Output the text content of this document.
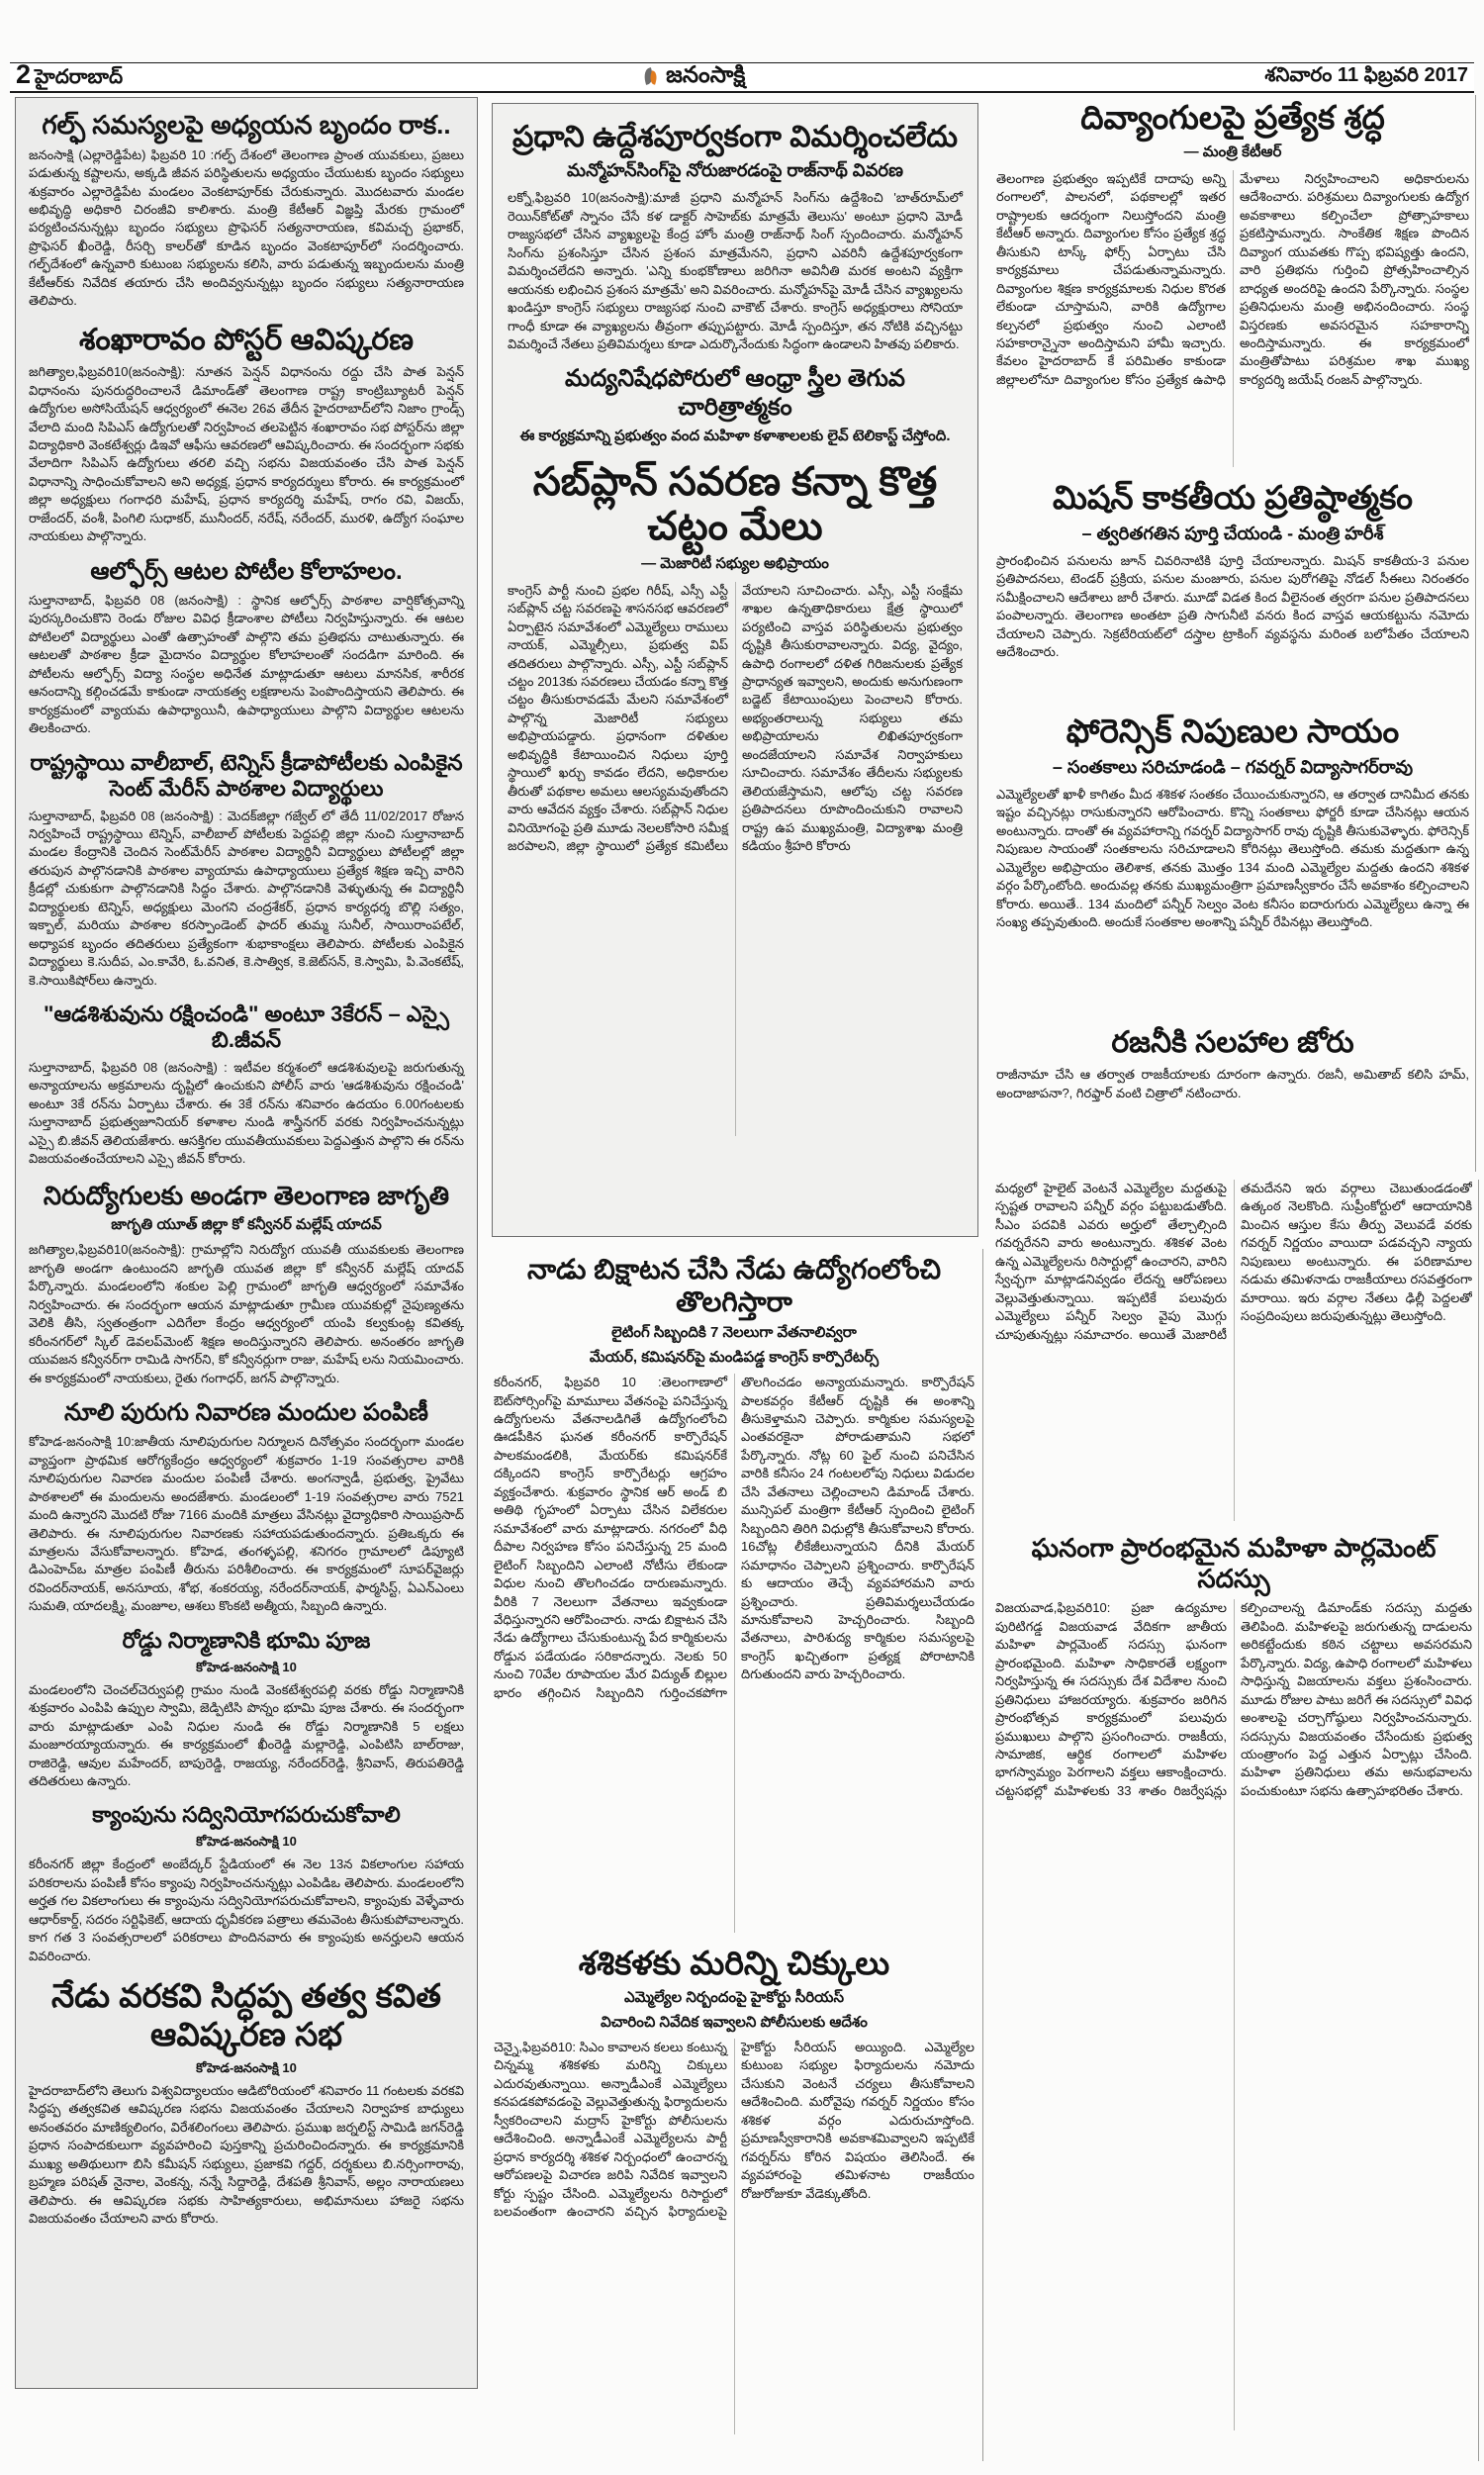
2 హైదరాబాద్	జనంసాక్షి	శనివారం 11 ఫిబ్రవరి 2017
గల్ఫ్ సమస్యలపై అధ్యయన బృందం రాక..
జనంసాక్షి (ఎల్లారెడ్డిపేట) ఫిబ్రవరి 10 :గల్ఫ్ దేశంలో తెలంగాణ ప్రాంత యువకులు, ప్రజలు పడుతున్న కష్టాలను, అక్కడి జీవన పరిస్థితులను అధ్యయం చేయుటకు బృందం సభ్యులు శుక్రవారం ఎల్లారెడ్డిపేట మండలం వెంకటాపూర్‌కు చేరుకున్నారు. మొదటవారు మండల అభివృద్ధి అధికారి చిరంజీవి కాలిశారు. మంత్రి కేటీఆర్ విజ్ఞప్తి మేరకు గ్రామంలో పర్యటించనున్నట్లు బృందం సభ్యులు ప్రొఫెసర్ సత్యనారాయణ, కవిమచ్చ ప్రభాకర్, ప్రొఫెసర్ ఖీంరెడ్డి, రీసర్చి కాలర్‌తో కూడిన బృందం వెంకటాపూర్‌లో సందర్శించారు. గల్ఫ్‌దేశంలో ఉన్నవారి కుటుంబ సభ్యులను కలిసి, వారు పడుతున్న ఇబ్బందులను మంత్రి కేటీఆర్‌కు నివేదిక తయారు చేసి అందివ్వనున్నట్లు బృందం సభ్యులు సత్యనారాయణ తెలిపారు.
శంఖారావం పోస్టర్ ఆవిష్కరణ
జగిత్యాల,ఫిబ్రవరి10(జనంసాక్షి): నూతన పెన్షన్ విధానంను రద్దు చేసి పాత పెన్షన్ విధానంను పునరుద్ధరించాలనే డిమాండ్‌తో తెలంగాణ రాష్ట్ర కాంట్రిబ్యూటరీ పెన్షన్ ఉద్యోగుల అసోసియేషన్ ఆధ్వర్యంలో ఈనెల 26వ తేదీన హైదరాబాద్‌లోని నిజాం గ్రాండ్స్ వేలాది మంది సిపిఎస్ ఉద్యోగులతో నిర్వహించ తలపెట్టిన శంఖారావం సభ పోస్టర్‌ను జిల్లా విద్యాధికారి వెంకటేశ్వర్లు డిఇవో ఆఫీసు ఆవరణలో ఆవిష్కరించారు. ఈ సందర్భంగా సభకు వేలాదిగా సిపిఎస్ ఉద్యోగులు తరలి వచ్చి సభను విజయవంతం చేసి పాత పెన్షన్ విధానాన్ని సాధించుకోవాలని అని అధ్యక్ష, ప్రధాన కార్యదర్శులు కోరారు. ఈ కార్యక్రమంలో జిల్లా అధ్యక్షులు గంగాధరి మహేష్, ప్రధాన కార్యదర్శి మహేష్, రాగం రవి, విజయ్, రాజేందర్, వంశీ, పింగిలి సుధాకర్, మునీందర్, నరేష్, నరేందర్, మురళి, ఉద్యోగ సంఘాల నాయకులు పాల్గొన్నారు.
ఆల్ఫోర్స్ ఆటల పోటీల కోలాహలం.
సుల్తానాబాద్, ఫిబ్రవరి 08 (జనంసాక్షి) : స్థానిక ఆల్ఫోర్స్ పాఠశాల వార్షికోత్సవాన్ని పురస్కరించుకొని రెండు రోజుల వివిధ క్రీడాంశాల పోటీలు నిర్వహిస్తున్నారు. ఈ ఆటల పోటిలలో విద్యార్థులు ఎంతో ఉత్సాహంతో పాల్గొని తమ ప్రతిభను చాటుతున్నారు. ఈ ఆటలతో పాఠశాల క్రీడా మైదానం విద్యార్థుల కోలాహలంతో సందడిగా మారింది. ఈ పోటీలను ఆల్ఫోర్స్ విద్యా సంస్థల అధినేత మాట్లాడుతూ ఆటలు మానసిక, శారీరక ఆనందాన్ని కల్గించడమే కాకుండా నాయకత్వ లక్షణాలను పెంపొందిస్తాయని తెలిపారు. ఈ కార్యక్రమంలో వ్యాయమ ఉపాధ్యాయినీ, ఉపాధ్యాయులు పాల్గొని విద్యార్థుల ఆటలను తిలకించారు.
రాష్ట్రస్థాయి వాలీబాల్, టెన్నిస్ క్రీడాపోటీలకు ఎంపికైన సెంట్ మేరీస్ పాఠశాల విద్యార్థులు
సుల్తానాబాద్, ఫిబ్రవరి 08 (జనంసాక్షి) : మెదక్‌జిల్లా గజ్వేల్ లో తేదీ 11/02/2017 రోజున నిర్వహించే రాష్ట్రస్థాయి టెన్నిస్, వాలీబాల్ పోటీలకు పెద్దపల్లి జిల్లా నుంచి సుల్తానాబాద్ మండల కేంద్రానికి చెందిన సెంట్‌మేరీస్ పాఠశాల విద్యార్థినీ విద్యార్థులు పోటీలల్లో జిల్లా తరుపున పాల్గొనడానికి పాఠశాల వ్యాయామ ఉపాధ్యాయులు ప్రత్యేక శిక్షణ ఇచ్చి వారిని క్రీడల్లో చుకుకుగా పాల్గొనడానికి సిద్ధం చేశారు. పాల్గొనడానికి వెళ్ళుతున్న ఈ విద్యార్థినీ విద్యార్థులకు టెన్నిస్, అధ్యక్షులు మెంగని చంద్రశేకర్, ప్రధాన కార్యధర్శ బొల్లి సత్యం, ఇక్బాల్, మరియు పాఠశాల కరస్పాండెంట్ ఫాదర్ తుమ్మ సునీల్, సాయిరాంపటేల్, అధ్యాపక బృందం తదితరులు ప్రత్యేకంగా శుభాకాంక్షలు తెలిపారు. పోటీలకు ఎంపికైన విద్యార్థులు కె.సుదీప, ఎం.కావేరి, ఓ.వనిత, కె.సాత్విక, కె.జెట్‌సన్, కె.స్వామి, పి.వెంకటేష్, కె.సాయికిషోర్‌లు ఉన్నారు.
"ఆడశిశువును రక్షించండి" అంటూ 3కేరన్ – ఎస్సై బి.జీవన్
సుల్తానాబాద్, ఫిబ్రవరి 08 (జనంసాక్షి) : ఇటీవల కర్మశంలో ఆడశిశువులపై జరుగుతున్న అన్యాయాలను అక్రమాలను దృష్టిలో ఉంచుకుని పోలీస్ వారు 'ఆడశిశువును రక్షించండి' అంటూ 3కే రన్‌ను ఏర్పాటు చేశారు. ఈ 3కే రన్‌ను శనివారం ఉదయం 6.00గంటలకు సుల్తానాబాద్ ప్రభుత్వజూనియర్ కళాశాల నుండి శాస్త్రీనగర్ వరకు నిర్వహించనున్నట్లు ఎస్సై బి.జీవన్ తెలియజేశారు. ఆసక్తిగల యువతీయువకులు పెద్దఎత్తున పాల్గొని ఈ రన్‌ను విజయవంతంచేయాలని ఎస్సై జీవన్ కోరారు.
నిరుద్యోగులకు అండగా తెలంగాణ జాగృతి
జాగృతి యూత్ జిల్లా కో కన్వీనర్ మల్లేష్ యాదవ్
జగిత్యాల,ఫిబ్రవరి10(జనంసాక్షి): గ్రామాల్లోని నిరుద్యోగ యువతీ యువకులకు తెలంగాణ జాగృతి అండగా ఉంటుందని జాగృతి యువత జిల్లా కో కన్వీనర్ మల్లేష్ యాదవ్ పేర్కొన్నారు. మండలంలోని శంకుల పెల్లి గ్రామంలో జాగృతి ఆధ్వర్యంలో సమావేశం నిర్వహించారు. ఈ సందర్భంగా ఆయన మాట్లాడుతూ గ్రామీణ యువకుల్లో నైపుణ్యతను వెలికి తీసి, స్వతంత్రంగా ఎదిగేలా కేంద్రం ఆధ్వర్యంలో యంపి కల్వకుంట్ల కవితక్క కరీంనగర్‌లో స్కిల్ డెవలప్‌మెంట్ శిక్షణ అందిస్తున్నారని తెలిపారు. అనంతరం జాగృతి యువజన కన్వీనర్‌గా రామిడి సాగర్‌ని, కో కన్వీనర్లుగా రాజు, మహేష్ లను నియమించారు. ఈ కార్యక్రమంలో నాయకులు, రైతు గంగాధర్, జగన్ పాల్గొన్నారు.
నూలి పురుగు నివారణ మందుల పంపిణీ
కోహెడ-జనంసాక్షి 10:జాతీయ నూలిపురుగుల నిర్మూలన దినోత్సవం సందర్భంగా మండల వ్యాప్తంగా ప్రాథమిక ఆరోగ్యకేంద్రం ఆధ్వర్యంలో శుక్రవారం 1-19 సంవత్సరాల వారికి నూలిపురుగుల నివారణ మందుల పంపిణీ చేశారు. అంగన్వాడీ, ప్రభుత్వ, ప్రైవేటు పాఠశాలలో ఈ మందులను అందజేశారు. మండలంలో 1-19 సంవత్సరాల వారు 7521 మంది ఉన్నారని మొదటి రోజు 7166 మందికి మాత్రలు వేసినట్లు వైద్యాధికారి సాయిప్రసాద్ తెలిపారు. ఈ నూలిపురుగుల నివారణకు సహాయపడుతుందన్నారు. ప్రతిఒక్కరు ఈ మాత్రలను వేసుకోవాలన్నారు. కోహెడ, తంగళ్ళపల్లి, శనిగరం గ్రామాలలో డిప్యూటి డిఎంహెచ్ఒ మాత్రల పంపిణీ తీరును పరిశీలించారు. ఈ కార్యక్రమంలో సూపర్‌వైజర్లు రవిందర్‌నాయక్, అనసూయ, శోభ, శంకరయ్య, నరేందర్‌నాయక్, ఫార్మసిస్ట్, ఏఎన్ఎంలు సుమతి, యాదలక్ష్మి, మంజూల, ఆశలు కొంకటి అత్మీయ, సిబ్బంది ఉన్నారు.
రోడ్డు నిర్మాణానికి భూమి పూజ
కోహెడ-జనంసాక్షి 10
మండలంలోని చెంచల్‌చెర్వుపల్లి గ్రామం నుండి వెంకటేశ్వరపల్లి వరకు రోడ్డు నిర్మాణానికి శుక్రవారం ఎంపిపి ఉప్పుల స్వామి, జెడ్పిటిసి పొన్నం భూమి పూజ చేశారు. ఈ సందర్భంగా వారు మాట్లాడుతూ ఎంపి నిధుల నుండి ఈ రోడ్డు నిర్మాణానికి 5 లక్షలు మంజూరయ్యాయన్నారు. ఈ కార్యక్రమంలో ఖీంరెడ్డి మల్లారెడ్డి, ఎంపిటిసి బాల్‌రాజు, రాజిరెడ్డి, ఆవుల మహేందర్, బాపురెడ్డి, రాజయ్య, నరేందర్‌రెడ్డి, శ్రీనివాస్, తిరుపతిరెడ్డి తదితరులు ఉన్నారు.
క్యాంపును సద్వినియోగపరుచుకోవాలి
కోహెడ-జనంసాక్షి 10
కరీంనగర్ జిల్లా కేంద్రంలో అంబేద్కర్ స్టేడియంలో ఈ నెల 13న వికలాంగుల సహాయ పరికరాలను పంపిణీ కోసం క్యాంపు నిర్వహించనున్నట్లు ఎంపిడిఒ తెలిపారు. మండలంలోని అర్హత గల వికలాంగులు ఈ క్యాంపును సద్వినియోగపరుచుకోవాలని, క్యాంపుకు వెళ్ళేవారు ఆధార్‌కార్డ్, సదరం సర్టిఫికెట్, ఆదాయ ధృవీకరణ పత్రాలు తమవెంట తీసుకుపోవాలన్నారు. కాగ గత 3 సంవత్సరాలలో పరికరాలు పొందినవారు ఈ క్యాంపుకు అనర్హులని ఆయన వివరించారు.
నేడు వరకవి సిద్ధప్ప తత్వ కవిత ఆవిష్కరణ సభ
కోహెడ-జనంసాక్షి 10
హైదరాబాద్‌లోని తెలుగు విశ్వవిద్యాలయం ఆడిటోరియంలో శనివారం 11 గంటలకు వరకవి సిద్ధప్ప తత్వకవిత ఆవిష్కరణ సభను విజయవంతం చేయాలని నిర్వాహక బాధ్యులు అనంతవరం మాణిక్యలింగం, విరేశలింగంలు తెలిపారు. ప్రముఖ జర్నలిస్ట్ సామిడి జగన్‌రెడ్డి ప్రధాన సంపాదకులుగా వ్యవహరించి పుస్తకాన్ని ప్రచురించిందన్నారు. ఈ కార్యక్రమానికి ముఖ్య అతిథులుగా బిసి కమీషన్ సభ్యులు, ప్రజాకవి గద్దర్, దర్శకులు బి.నర్సింగారావు, బ్రహ్మణ పరిషత్ నైనాల, వెంకన్న, నన్నే సిద్దారెడ్డి, దేశపతి శ్రీనివాస్, అల్లం నారాయణలు తెలిపారు. ఈ ఆవిష్కరణ సభకు సాహిత్యకారులు, అభిమానులు హాజరై సభను విజయవంతం చేయాలని వారు కోరారు.
ప్రధాని ఉద్దేశపూర్వకంగా విమర్శించలేదు
మన్మోహన్‌సింగ్‌పై నోరుజారడంపై రాజ్‌నాథ్ వివరణ
లక్నో,ఫిబ్రవరి 10(జనంసాక్షి):మాజీ ప్రధాని మన్మోహన్ సింగ్‌ను ఉద్దేశించి 'బాత్‌రూమ్‌లో రెయిన్‌కోట్‌తో స్నానం చేసే కళ డాక్టర్ సాహెబ్‌కు మాత్రమే తెలుసు' అంటూ ప్రధాని మోడీ రాజ్యసభలో చేసిన వ్యాఖ్యలపై కేంద్ర హోం మంత్రి రాజ్‌నాథ్ సింగ్ స్పందించారు. మన్మోహన్ సింగ్‌ను ప్రశంసిస్తూ చేసిన ప్రశంస మాత్రమేనని, ప్రధాని ఎవరినీ ఉద్దేశపూర్వకంగా విమర్శించలేదని అన్నారు. 'ఎన్ని కుంభకోణాలు జరిగినా అవినీతి మరక అంటని వ్యక్తిగా ఆయనకు లభించిన ప్రశంస మాత్రమే' అని వివరించారు. మన్మోహన్‌పై మోడీ చేసిన వ్యాఖ్యలను ఖండిస్తూ కాంగ్రెస్ సభ్యులు రాజ్యసభ నుంచి వాకౌట్ చేశారు. కాంగ్రెస్ అధ్యక్షురాలు సోనియా గాంధీ కూడా ఈ వ్యాఖ్యలను తీవ్రంగా తప్పుపట్టారు. మోడీ స్పందిస్తూ, తన నోటికి వచ్చినట్టు విమర్శించే నేతలు ప్రతివిమర్శలు కూడా ఎదుర్కొనేందుకు సిద్ధంగా ఉండాలని హితవు పలికారు.
మద్యనిషేధపోరులో ఆంధ్రా స్త్రీల తెగువ చారిత్రాత్మకం
ఈ కార్యక్రమాన్ని ప్రభుత్వం వంద మహిళా కళాశాలలకు లైవ్ టెలికాస్ట్ చేస్తోంది.
సబ్‌ప్లాన్ సవరణ కన్నా కొత్త చట్టం మేలు
— మెజారిటీ సభ్యుల అభిప్రాయం
కాంగ్రెస్ పార్టీ నుంచి ప్రభల గిరీష్, ఎస్సీ ఎస్టీ సబ్‌ప్లాన్ చట్ట సవరణపై శాసనసభ ఆవరణలో ఏర్పాటైన సమావేశంలో ఎమ్మెల్యేలు రాములు నాయక్, ఎమ్మెల్సీలు, ప్రభుత్వ విప్ తదితరులు పాల్గొన్నారు. ఎస్సీ, ఎస్టీ సబ్‌ప్లాన్ చట్టం 2013కు సవరణలు చేయడం కన్నా కొత్త చట్టం తీసుకురావడమే మేలని సమావేశంలో పాల్గొన్న మెజారిటీ సభ్యులు అభిప్రాయపడ్డారు. ప్రధానంగా దళితుల అభివృద్ధికి కేటాయించిన నిధులు పూర్తి స్థాయిలో ఖర్చు కావడం లేదని, అధికారుల తీరుతో పథకాల అమలు ఆలస్యమవుతోందని వారు ఆవేదన వ్యక్తం చేశారు. సబ్‌ప్లాన్ నిధుల వినియోగంపై ప్రతి మూడు నెలలకోసారి సమీక్ష జరపాలని, జిల్లా స్థాయిలో ప్రత్యేక కమిటీలు వేయాలని సూచించారు. ఎస్సీ, ఎస్టీ సంక్షేమ శాఖల ఉన్నతాధికారులు క్షేత్ర స్థాయిలో పర్యటించి వాస్తవ పరిస్థితులను ప్రభుత్వం దృష్టికి తీసుకురావాలన్నారు. విద్య, వైద్యం, ఉపాధి రంగాలలో దళిత గిరిజనులకు ప్రత్యేక ప్రాధాన్యత ఇవ్వాలని, అందుకు అనుగుణంగా బడ్జెట్ కేటాయింపులు పెంచాలని కోరారు. అభ్యంతరాలున్న సభ్యులు తమ అభిప్రాయాలను లిఖితపూర్వకంగా అందజేయాలని సమావేశ నిర్వాహకులు సూచించారు. సమావేశం తేదీలను సభ్యులకు తెలియజేస్తామని, ఆలోపు చట్ట సవరణ ప్రతిపాదనలు రూపొందించుకుని రావాలని రాష్ట్ర ఉప ముఖ్యమంత్రి, విద్యాశాఖ మంత్రి కడియం శ్రీహరి కోరారు
దివ్యాంగులపై ప్రత్యేక శ్రద్ధ
— మంత్రి కేటీఆర్
తెలంగాణ ప్రభుత్వం ఇప్పటికే దాదాపు అన్ని రంగాలలో, పాలనలో, పథకాలల్లో ఇతర రాష్ట్రాలకు ఆదర్శంగా నిలుస్తోందని మంత్రి కేటీఆర్ అన్నారు. దివ్యాంగుల కోసం ప్రత్యేక శ్రద్ధ తీసుకుని టాస్క్ ఫోర్స్ ఏర్పాటు చేసి కార్యక్రమాలు చేపడుతున్నామన్నారు. దివ్యాంగుల శిక్షణ కార్యక్రమాలకు నిధుల కొరత లేకుండా చూస్తామని, వారికి ఉద్యోగాల కల్పనలో ప్రభుత్వం నుంచి ఎలాంటి సహకారాన్నైనా అందిస్తామని హామీ ఇచ్చారు. కేవలం హైదరాబాద్ కే పరిమితం కాకుండా జిల్లాలలోనూ దివ్యాంగుల కోసం ప్రత్యేక ఉపాధి మేళాలు నిర్వహించాలని అధికారులను ఆదేశించారు. పరిశ్రమలు దివ్యాంగులకు ఉద్యోగ అవకాశాలు కల్పించేలా ప్రోత్సాహకాలు ప్రకటిస్తామన్నారు. సాంకేతిక శిక్షణ పొందిన దివ్యాంగ యువతకు గొప్ప భవిష్యత్తు ఉందని, వారి ప్రతిభను గుర్తించి ప్రోత్సహించాల్సిన బాధ్యత అందరిపై ఉందని పేర్కొన్నారు. సంస్థల ప్రతినిధులను మంత్రి అభినందించారు. సంస్థ విస్తరణకు అవసరమైన సహకారాన్ని అందిస్తామన్నారు. ఈ కార్యక్రమంలో మంత్రితోపాటు పరిశ్రమల శాఖ ముఖ్య కార్యదర్శి జయేష్ రంజన్ పాల్గొన్నారు.
మిషన్ కాకతీయ ప్రతిష్ఠాత్మకం
– త్వరితగతిన పూర్తి చేయండి - మంత్రి హరీశ్
ప్రారంభించిన పనులను జూన్ చివరినాటికి పూర్తి చేయాలన్నారు. మిషన్ కాకతీయ-3 పనుల ప్రతిపాదనలు, టెండర్ ప్రక్రియ, పనుల మంజూరు, పనుల పురోగతిపై నోడల్ సీఈలు నిరంతరం సమీక్షించాలని ఆదేశాలు జారీ చేశారు. మూడో విడత కింద వీలైనంత త్వరగా పనుల ప్రతిపాదనలు పంపాలన్నారు. తెలంగాణ అంతటా ప్రతి సాగునీటి వనరు కింద వాస్తవ ఆయకట్టును నమోదు చేయాలని చెప్పారు. సెక్రటేరియట్‌లో దస్త్రాల ట్రాకింగ్ వ్యవస్థను మరింత బలోపేతం చేయాలని ఆదేశించారు.
ఫోరెన్సిక్ నిపుణుల సాయం
– సంతకాలు సరిచూడండి – గవర్నర్ విద్యాసాగర్‌రావు
ఎమ్మెల్యేలతో ఖాళీ కాగితం మీద శశికళ సంతకం చేయించుకున్నారని, ఆ తర్వాత దానిమీద తనకు ఇష్టం వచ్చినట్లు రాసుకున్నారని ఆరోపించారు. కొన్ని సంతకాలు ఫోర్జరీ కూడా చేసినట్లు ఆయన అంటున్నారు. దాంతో ఈ వ్యవహారాన్ని గవర్నర్ విద్యాసాగర్ రావు దృష్టికి తీసుకువెళ్ళారు. ఫోరెన్సిక్ నిపుణుల సాయంతో సంతకాలను సరిచూడాలని కోరినట్లు తెలుస్తోంది. తమకు మద్దతుగా ఉన్న ఎమ్మెల్యేల అభిప్రాయం తెలిశాక, తనకు మొత్తం 134 మంది ఎమ్మెల్యేల మద్దతు ఉందని శశికళ వర్గం పేర్కొంటోంది. అందువల్ల తనకు ముఖ్యమంత్రిగా ప్రమాణస్వీకారం చేసే అవకాశం కల్పించాలని కోరారు. అయితే.. 134 మందిలో పన్నీర్ సెల్వం వెంట కనీసం ఐదారుగురు ఎమ్మెల్యేలు ఉన్నా ఈ సంఖ్య తప్పవుతుంది. అందుకే సంతకాల అంశాన్ని పన్నీర్ రేపినట్లు తెలుస్తోంది.
రజనీకి సలహాల జోరు
రాజీనామా చేసి ఆ తర్వాత రాజకీయాలకు దూరంగా ఉన్నారు. రజనీ, అమితాబ్ కలిసి హమ్, అందాజాపనా?, గిరఫ్తార్ వంటి చిత్రాలో నటించారు.
నాడు బిక్షాటన చేసి నేడు ఉద్యోగంలోంచి తొలగిస్తారా
లైటింగ్ సిబ్బందికి 7 నెలలుగా వేతనాలివ్వరా
మేయర్, కమిషనర్‌పై మండిపడ్డ కాంగ్రెస్ కార్పొరేటర్స్
కరీంనగర్, ఫిబ్రవరి 10 :తెలంగాణాలో ఔట్‌సోర్సింగ్‌పై మామూలు వేతనంపై పనిచేస్తున్న ఉద్యోగులను వేతనాలడిగితే ఉద్యోగంలోంచి ఊడపీకిన ఘనత కరీంనగర్ కార్పొరేషన్ పాలకమండలికి, మేయర్‌కు కమిషనర్‌కే దక్కిందని కాంగ్రెస్ కార్పొరేటర్లు ఆగ్రహం వ్యక్తంచేశారు. శుక్రవారం స్థానిక ఆర్ అండ్ బి అతిథి గృహంలో ఏర్పాటు చేసిన విలేకరుల సమావేశంలో వారు మాట్లాడారు. నగరంలో వీధి దీపాల నిర్వహణ కోసం పనిచేస్తున్న 25 మంది లైటింగ్ సిబ్బందిని ఎలాంటి నోటీసు లేకుండా విధుల నుంచి తొలగించడం దారుణమన్నారు. వీరికి 7 నెలలుగా వేతనాలు ఇవ్వకుండా వేధిస్తున్నారని ఆరోపించారు. నాడు బిక్షాటన చేసి నేడు ఉద్యోగాలు చేసుకుంటున్న పేద కార్మికులను రోడ్డున పడేయడం సరికాదన్నారు. నెలకు 50 నుంచి 70వేల రూపాయల మేర విద్యుత్ బిల్లుల భారం తగ్గించిన సిబ్బందిని గుర్తించకపోగా తొలగించడం అన్యాయమన్నారు. కార్పొరేషన్ పాలకవర్గం కేటీఆర్ దృష్టికి ఈ అంశాన్ని తీసుకెళ్తామని చెప్పారు. కార్మికుల సమస్యలపై ఎంతవరకైనా పోరాడుతామని సభలో పేర్కొన్నారు. నోట్ల 60 పైల్ నుంచి పనిచేసిన వారికి కనీసం 24 గంటలలోపు నిధులు విడుదల చేసి వేతనాలు చెల్లించాలని డిమాండ్ చేశారు. మున్సిపల్ మంత్రిగా కేటీఆర్ స్పందించి లైటింగ్ సిబ్బందిని తిరిగి విధుల్లోకి తీసుకోవాలని కోరారు. 16చోట్ల లీకేజీలున్నాయని దీనికి మేయర్ సమాధానం చెప్పాలని ప్రశ్నించారు. కార్పొరేషన్ కు ఆదాయం తెచ్చే వ్యవహారమని వారు ప్రశ్నించారు. ప్రతివిమర్శలుచేయడం మానుకోవాలని హెచ్చరించారు. సిబ్బంది వేతనాలు, పారిశుద్య కార్మికుల సమస్యలపై కాంగ్రెస్ ఖచ్చితంగా ప్రత్యక్ష పోరాటానికి దిగుతుందని వారు హెచ్చరించారు.
శశికళకు మరిన్ని చిక్కులు
ఎమ్మెల్యేల నిర్బందంపై హైకోర్టు సీరియస్
విచారించి నివేదిక ఇవ్వాలని పోలీసులకు ఆదేశం
చెన్నై,ఫిబ్రవరి10: సిఎం కావాలన కలలు కంటున్న చిన్నమ్మ శశికళకు మరిన్ని చిక్కులు ఎదురవుతున్నాయి. అన్నాడీఎంకే ఎమ్మెల్యేలు కనపడకపోవడంపై వెల్లువెత్తుతున్న ఫిర్యాదులను స్వీకరించాలని మద్రాస్ హైకోర్టు పోలీసులను ఆదేశించింది. అన్నాడీఎంకే ఎమ్మెల్యేలను పార్టీ ప్రధాన కార్యదర్శి శశికళ నిర్బంధంలో ఉంచారన్న ఆరోపణలపై విచారణ జరిపి నివేదిక ఇవ్వాలని కోర్టు స్పష్టం చేసింది. ఎమ్మెల్యేలను రిసార్టులో బలవంతంగా ఉంచారని వచ్చిన ఫిర్యాదులపై హైకోర్టు సీరియస్ అయ్యింది. ఎమ్మెల్యేల కుటుంబ సభ్యుల ఫిర్యాదులను నమోదు చేసుకుని వెంటనే చర్యలు తీసుకోవాలని ఆదేశించింది. మరోవైపు గవర్నర్ నిర్ణయం కోసం శశికళ వర్గం ఎదురుచూస్తోంది. ప్రమాణస్వీకారానికి అవకాశమివ్వాలని ఇప్పటికే గవర్నర్‌ను కోరిన విషయం తెలిసిందే. ఈ వ్యవహారంపై తమిళనాట రాజకీయం రోజురోజుకూ వేడెక్కుతోంది.
మధ్యలో హైలైట్ వెంటనే ఎమ్మెల్యేల మద్దతుపై స్పష్టత రావాలని పన్నీర్ వర్గం పట్టుబడుతోంది. సీఎం పదవికి ఎవరు అర్హులో తేల్చాల్సింది గవర్నరేనని వారు అంటున్నారు. శశికళ వెంట ఉన్న ఎమ్మెల్యేలను రిసార్టుల్లో ఉంచారని, వారిని స్వేచ్ఛగా మాట్లాడనివ్వడం లేదన్న ఆరోపణలు వెల్లువెత్తుతున్నాయి. ఇప్పటికే పలువురు ఎమ్మెల్యేలు పన్నీర్ సెల్వం వైపు మొగ్గు చూపుతున్నట్లు సమాచారం. అయితే మెజారిటీ తమదేనని ఇరు వర్గాలు చెబుతుండడంతో ఉత్కంఠ నెలకొంది. సుప్రీంకోర్టులో ఆదాయానికి మించిన ఆస్తుల కేసు తీర్పు వెలువడే వరకు గవర్నర్ నిర్ణయం వాయిదా పడవచ్చని న్యాయ నిపుణులు అంటున్నారు. ఈ పరిణామాల నడుమ తమిళనాడు రాజకీయాలు రసవత్తరంగా మారాయి. ఇరు వర్గాల నేతలు ఢిల్లీ పెద్దలతో సంప్రదింపులు జరుపుతున్నట్లు తెలుస్తోంది.
ఘనంగా ప్రారంభమైన మహిళా పార్లమెంట్ సదస్సు
విజయవాడ,ఫిబ్రవరి10: ప్రజా ఉద్యమాల పురిటిగడ్డ విజయవాడ వేదికగా జాతీయ మహిళా పార్లమెంట్ సదస్సు ఘనంగా ప్రారంభమైంది. మహిళా సాధికారతే లక్ష్యంగా నిర్వహిస్తున్న ఈ సదస్సుకు దేశ విదేశాల నుంచి ప్రతినిధులు హాజరయ్యారు. శుక్రవారం జరిగిన ప్రారంభోత్సవ కార్యక్రమంలో పలువురు ప్రముఖులు పాల్గొని ప్రసంగించారు. రాజకీయ, సామాజిక, ఆర్థిక రంగాలలో మహిళల భాగస్వామ్యం పెరగాలని వక్తలు ఆకాంక్షించారు. చట్టసభల్లో మహిళలకు 33 శాతం రిజర్వేషన్లు కల్పించాలన్న డిమాండ్‌కు సదస్సు మద్దతు తెలిపింది. మహిళలపై జరుగుతున్న దాడులను అరికట్టేందుకు కఠిన చట్టాలు అవసరమని పేర్కొన్నారు. విద్య, ఉపాధి రంగాలలో మహిళలు సాధిస్తున్న విజయాలను వక్తలు ప్రశంసించారు. మూడు రోజుల పాటు జరిగే ఈ సదస్సులో వివిధ అంశాలపై చర్చాగోష్ఠులు నిర్వహించనున్నారు. సదస్సును విజయవంతం చేసేందుకు ప్రభుత్వ యంత్రాంగం పెద్ద ఎత్తున ఏర్పాట్లు చేసింది. మహిళా ప్రతినిధులు తమ అనుభవాలను పంచుకుంటూ సభను ఉత్సాహభరితం చేశారు.
